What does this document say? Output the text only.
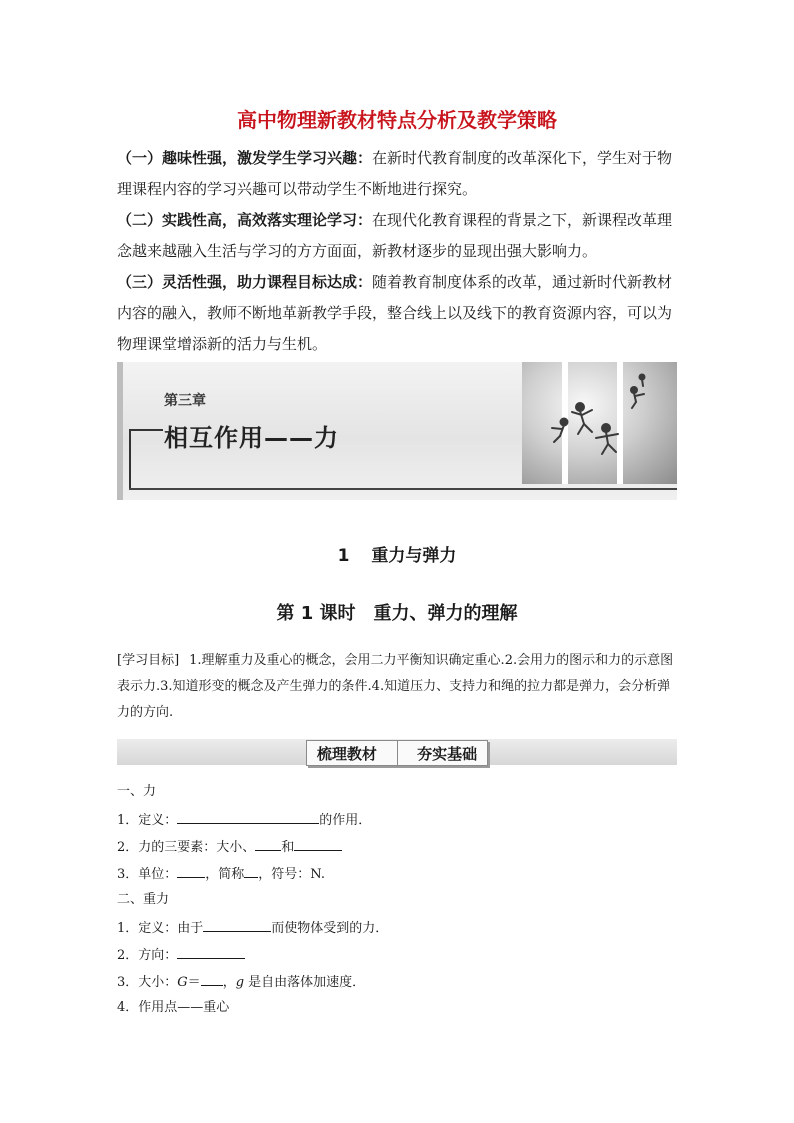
高中物理新教材特点分析及教学策略

（一）趣味性强，激发学生学习兴趣：在新时代教育制度的改革深化下，学生对于物理课程内容的学习兴趣可以带动学生不断地进行探究。

（二）实践性高，高效落实理论学习：在现代化教育课程的背景之下，新课程改革理念越来越融入生活与学习的方方面面，新教材逐步的显现出强大影响力。

（三）灵活性强，助力课程目标达成：随着教育制度体系的改革，通过新时代新教材内容的融入，教师不断地革新教学手段，整合线上以及线下的教育资源内容，可以为物理课堂增添新的活力与生机。

第三章
相互作用——力
1 重力与弹力
第 1 课时　重力、弹力的理解
[学习目标] 1.理解重力及重心的概念，会用二力平衡知识确定重心.2.会用力的图示和力的示意图表示力.3.知道形变的概念及产生弹力的条件.4.知道压力、支持力和绳的拉力都是弹力，会分析弹力的方向.
梳理教材	夯实基础
一、力
1．定义：	的作用．
2．力的三要素：大小、 和
3．单位： ，简称 ，符号：N.
二、重力
1．定义：由于	而使物体受到的力．
2．方向：
3．大小：G＝ ，g 是自由落体加速度．
4．作用点——重心
